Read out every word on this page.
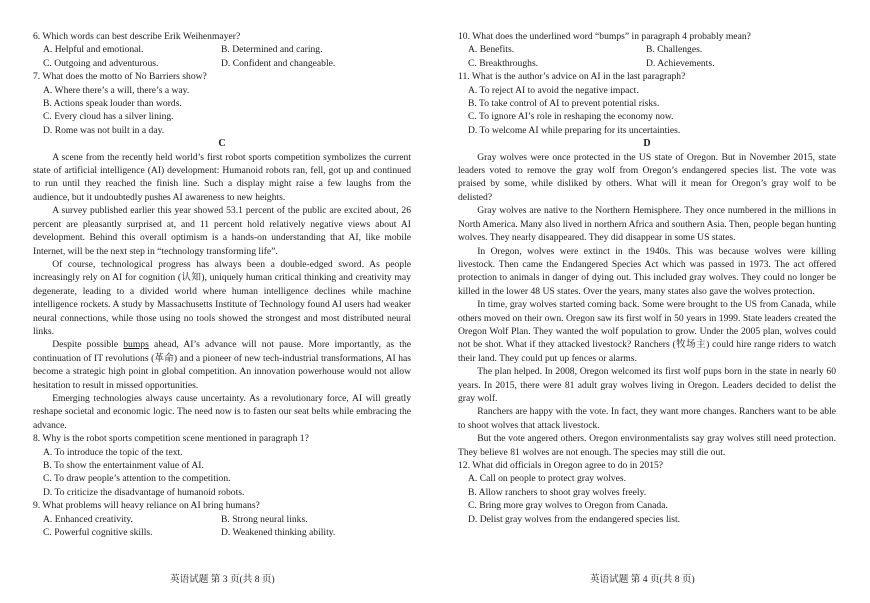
6. Which words can best describe Erik Weihenmayer?

A. Helpful and emotional.	B. Determined and caring.
C. Outgoing and adventurous.	D. Confident and changeable.

7. What does the motto of No Barriers show?

A. Where there’s a will, there’s a way.

B. Actions speak louder than words.

C. Every cloud has a silver lining.

D. Rome was not built in a day.

C

A scene from the recently held world’s first robot sports competition symbolizes the current state of artificial intelligence (AI) development: Humanoid robots ran, fell, got up and continued to run until they reached the finish line. Such a display might raise a few laughs from the audience, but it undoubtedly pushes AI awareness to new heights.

A survey published earlier this year showed 53.1 percent of the public are excited about, 26 percent are pleasantly surprised at, and 11 percent hold relatively negative views about AI development. Behind this overall optimism is a hands-on understanding that AI, like mobile Internet, will be the next step in “technology transforming life”.

Of course, technological progress has always been a double-edged sword. As people increasingly rely on AI for cognition (认知), uniquely human critical thinking and creativity may degenerate, leading to a divided world where human intelligence declines while machine intelligence rockets. A study by Massachusetts Institute of Technology found AI users had weaker neural connections, while those using no tools showed the strongest and most distributed neural links.

Despite possible bumps ahead, AI’s advance will not pause. More importantly, as the continuation of IT revolutions (革命) and a pioneer of new tech-industrial transformations, AI has become a strategic high point in global competition. An innovation powerhouse would not allow hesitation to result in missed opportunities.

Emerging technologies always cause uncertainty. As a revolutionary force, AI will greatly reshape societal and economic logic. The need now is to fasten our seat belts while embracing the advance.

8. Why is the robot sports competition scene mentioned in paragraph 1?

A. To introduce the topic of the text.

B. To show the entertainment value of AI.

C. To draw people’s attention to the competition.

D. To criticize the disadvantage of humanoid robots.

9. What problems will heavy reliance on AI bring humans?

A. Enhanced creativity.	B. Strong neural links.
C. Powerful cognitive skills.	D. Weakened thinking ability.

10. What does the underlined word “bumps” in paragraph 4 probably mean?

A. Benefits.	B. Challenges.
C. Breakthroughs.	D. Achievements.

11. What is the author’s advice on AI in the last paragraph?

A. To reject AI to avoid the negative impact.

B. To take control of AI to prevent potential risks.

C. To ignore AI’s role in reshaping the economy now.

D. To welcome AI while preparing for its uncertainties.

D

Gray wolves were once protected in the US state of Oregon. But in November 2015, state leaders voted to remove the gray wolf from Oregon’s endangered species list. The vote was praised by some, while disliked by others. What will it mean for Oregon’s gray wolf to be delisted?

Gray wolves are native to the Northern Hemisphere. They once numbered in the millions in North America. Many also lived in northern Africa and southern Asia. Then, people began hunting wolves. They nearly disappeared. They did disappear in some US states.

In Oregon, wolves were extinct in the 1940s. This was because wolves were killing livestock. Then came the Endangered Species Act which was passed in 1973. The act offered protection to animals in danger of dying out. This included gray wolves. They could no longer be killed in the lower 48 US states. Over the years, many states also gave the wolves protection.

In time, gray wolves started coming back. Some were brought to the US from Canada, while others moved on their own. Oregon saw its first wolf in 50 years in 1999. State leaders created the Oregon Wolf Plan. They wanted the wolf population to grow. Under the 2005 plan, wolves could not be shot. What if they attacked livestock? Ranchers (牧场主) could hire range riders to watch their land. They could put up fences or alarms.

The plan helped. In 2008, Oregon welcomed its first wolf pups born in the state in nearly 60 years. In 2015, there were 81 adult gray wolves living in Oregon. Leaders decided to delist the gray wolf.

Ranchers are happy with the vote. In fact, they want more changes. Ranchers want to be able to shoot wolves that attack livestock.

But the vote angered others. Oregon environmentalists say gray wolves still need protection. They believe 81 wolves are not enough. The species may still die out.

12. What did officials in Oregon agree to do in 2015?

A. Call on people to protect gray wolves.

B. Allow ranchers to shoot gray wolves freely.

C. Bring more gray wolves to Oregon from Canada.

D. Delist gray wolves from the endangered species list.

英语试题 第 3 页(共 8 页)	英语试题 第 4 页(共 8 页)
